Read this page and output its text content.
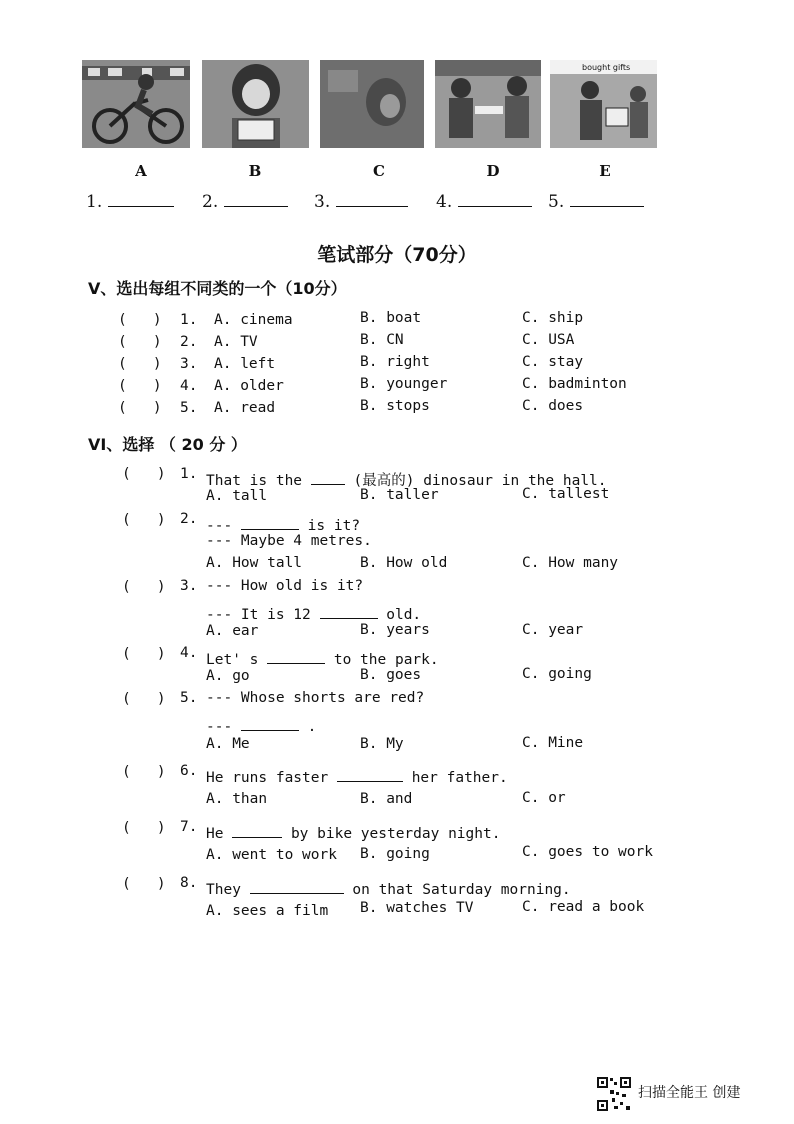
bought gifts
A	B	C	D	E
1.	2.	3.	4.	5.
笔试部分（70分）
V、选出每组不同类的一个（10分）
(   ) 1. A. cinema	B. boat	C. ship
(   ) 2. A. TV	B. CN	C. USA
(   ) 3. A. left	B. right	C. stay
(   ) 4. A. older	B. younger	C. badminton
(   ) 5. A. read	B. stops	C. does
VI、选择 （ 20 分 ）
(   ) 1. That is the	(最高的) dinosaur in the hall.
A. tall	B. taller	C. tallest
(   ) 2. ---	is it?
--- Maybe 4 metres.
A. How tall	B. How old	C. How many
(   ) 3. --- How old is it?
--- It is 12	old.
A. ear	B. years	C. year
(   ) 4. Let' s	to the park.
A. go	B. goes	C. going
(   ) 5. --- Whose shorts are red?
---	.
A. Me	B. My	C. Mine
(   ) 6. He runs faster	her father.
A. than	B. and	C. or
(   ) 7. He	by bike yesterday night.
A. went to work B. going	C. goes to work
(   ) 8. They	on that Saturday morning.
A. sees a film B. watches TV	C. read a book
扫描全能王 创建
